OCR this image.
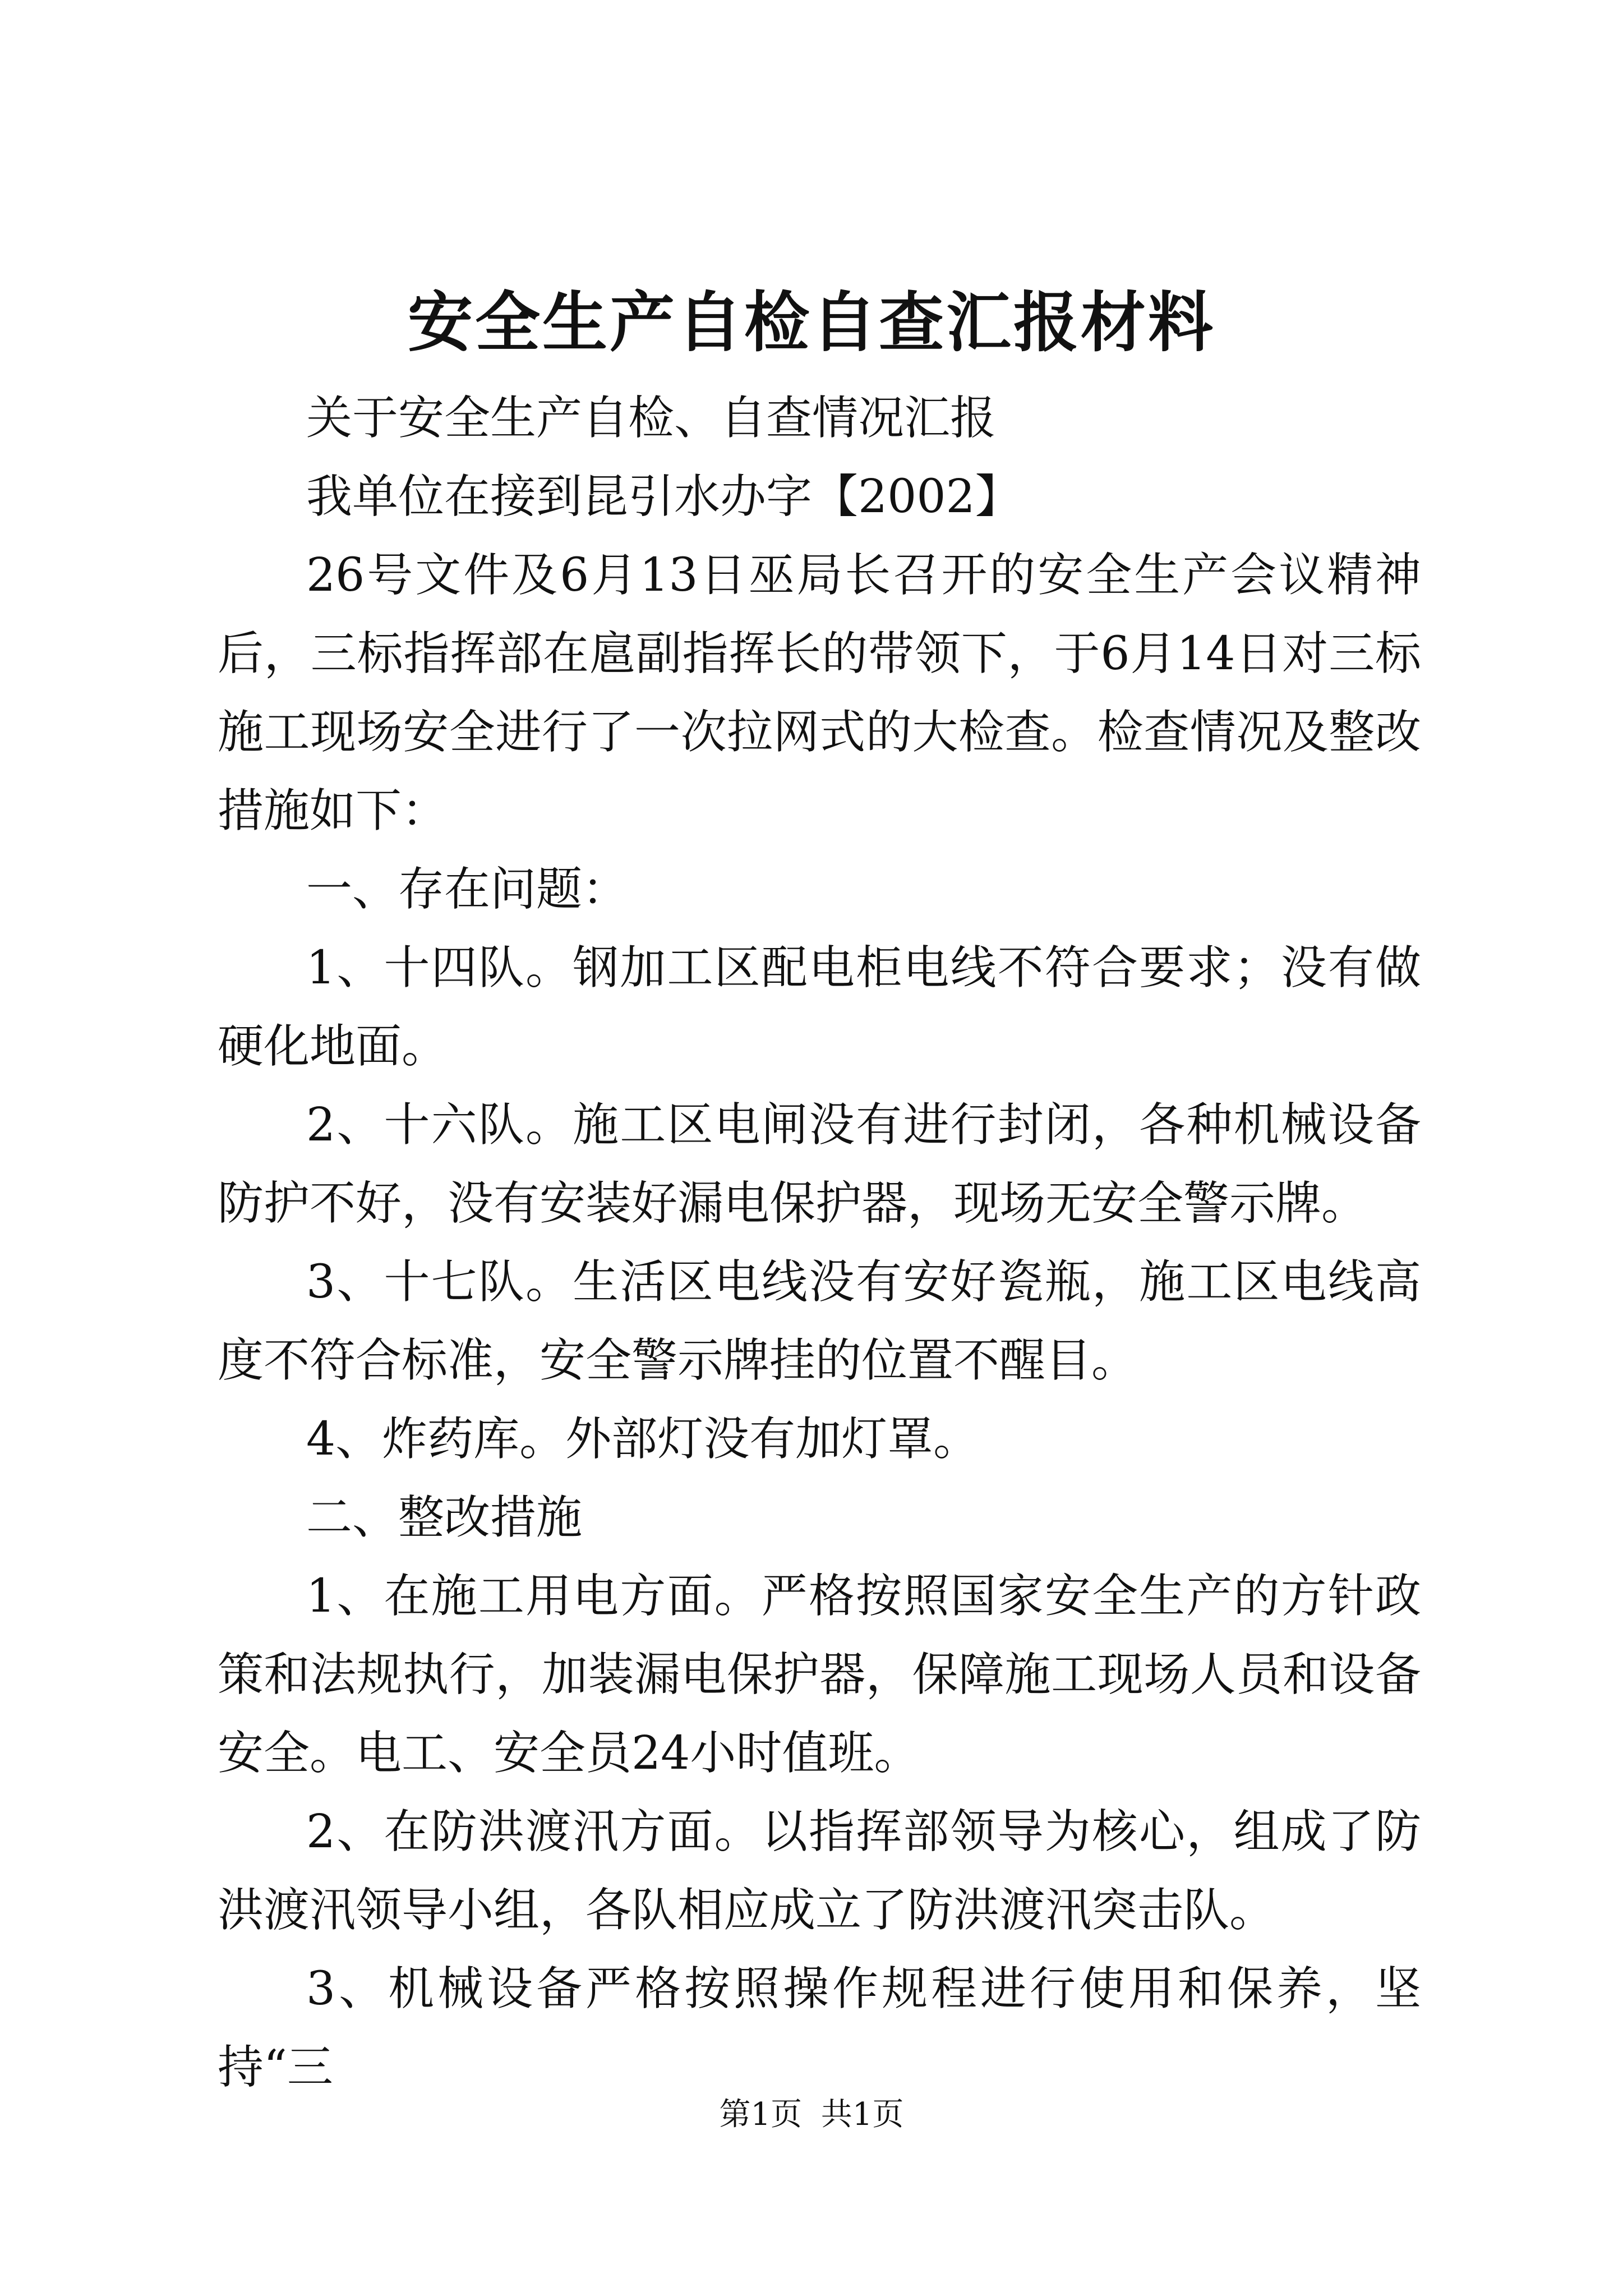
安全生产自检自查汇报材料

关于安全生产自检、自查情况汇报

我单位在接到昆引水办字【2002】

26号文件及6月13日巫局长召开的安全生产会议精神后，三标指挥部在扈副指挥长的带领下，于6月14日对三标施工现场安全进行了一次拉网式的大检查。检查情况及整改措施如下：

一、存在问题：

1、十四队。钢加工区配电柜电线不符合要求；没有做硬化地面。

2、十六队。施工区电闸没有进行封闭，各种机械设备防护不好，没有安装好漏电保护器，现场无安全警示牌。

3、十七队。生活区电线没有安好瓷瓶，施工区电线高度不符合标准，安全警示牌挂的位置不醒目。

4、炸药库。外部灯没有加灯罩。

二、整改措施

1、在施工用电方面。严格按照国家安全生产的方针政策和法规执行，加装漏电保护器，保障施工现场人员和设备安全。电工、安全员24小时值班。

2、在防洪渡汛方面。以指挥部领导为核心，组成了防洪渡汛领导小组，各队相应成立了防洪渡汛突击队。

3、机械设备严格按照操作规程进行使用和保养，坚持“三

第1页 共1页
